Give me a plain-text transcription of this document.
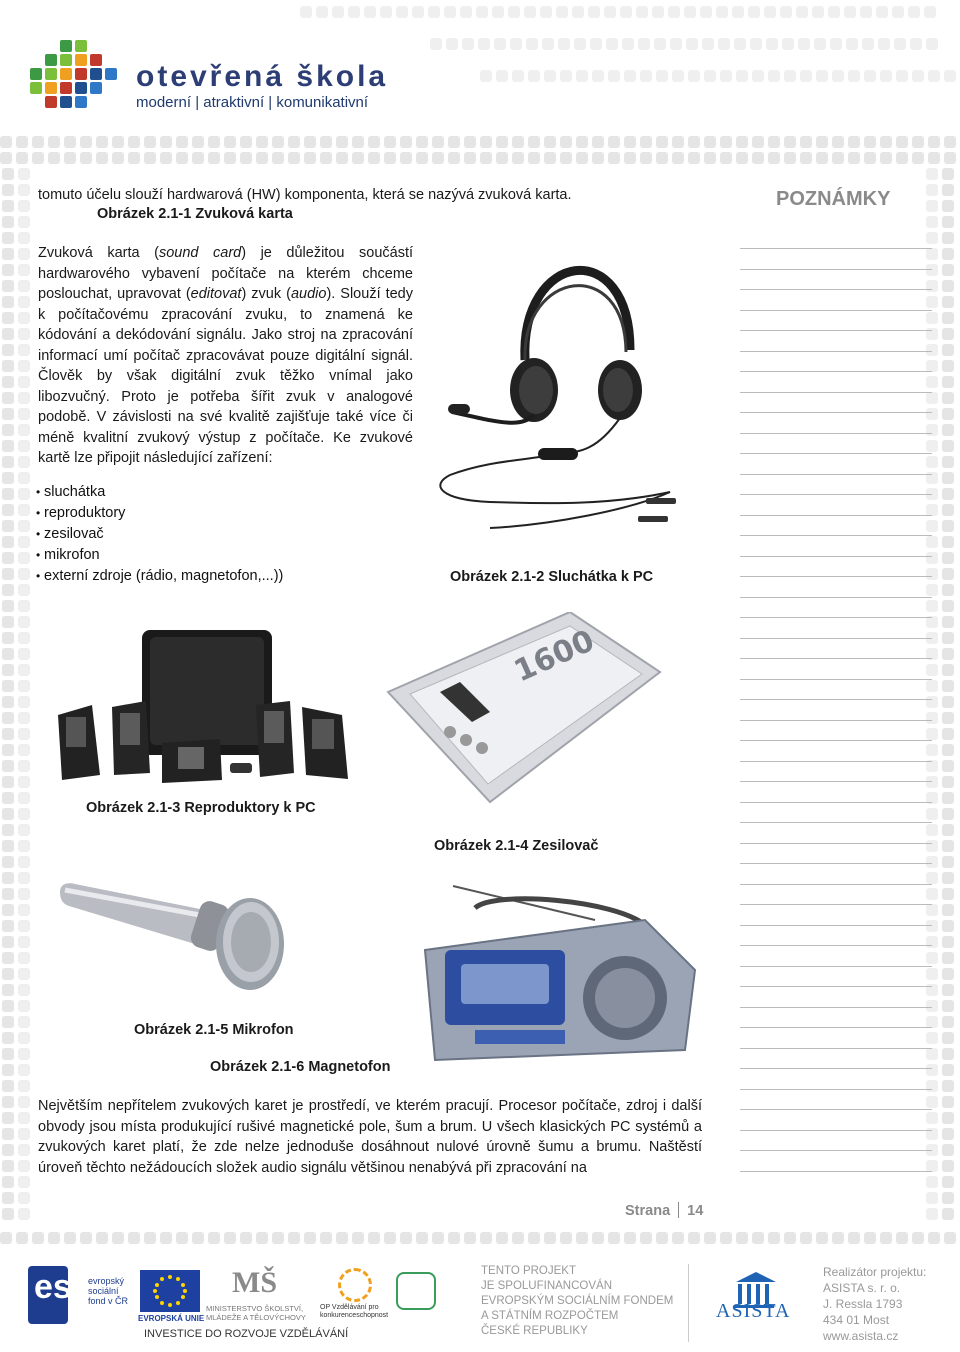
otevřená škola
moderní | atraktivní | komunikativní
POZNÁMKY
tomuto účelu slouží hardwarová (HW) komponenta, která se nazývá zvuková karta.
Obrázek 2.1-1 Zvuková karta
Zvuková karta (sound card) je důležitou součástí hardwarového vybavení počítače na kterém chceme poslouchat, upravovat (editovat) zvuk (audio). Slouží tedy k počítačovému zpracování zvuku, to znamená ke kódování a dekódování signálu. Jako stroj na zpracování informací umí počítač zpracovávat pouze digitální signál. Člověk by však digitální zvuk těžko vnímal jako libozvučný. Proto je potřeba šířit zvuk v analogové podobě. V závislosti na své kvalitě zajišťuje také více či méně kvalitní zvukový výstup z počítače. Ke zvukové kartě lze připojit následující zařízení:
• sluchátka
• reproduktory
• zesilovač
• mikrofon
• externí zdroje (rádio, magnetofon,...))	Obrázek 2.1-2 Sluchátka k PC
Obrázek 2.1-3 Reproduktory k PC
1600
Obrázek 2.1-4 Zesilovač
Obrázek 2.1-5 Mikrofon
Obrázek 2.1-6 Magnetofon
Největším nepřítelem zvukových karet je prostředí, ve kterém pracují. Procesor počítače, zdroj i další obvody jsou místa produkující rušivé magnetické pole, šum a brum. U všech klasických PC systémů a zvukových karet platí, že zde nelze jednoduše dosáhnout nulové úrovně šumu a brumu. Naštěstí úroveň těchto nežádoucích složek audio signálu většinou nenabývá při zpracování na
Strana 14
esf evropský sociální fond v ČR
EVROPSKÁ UNIE
MŠ
MINISTERSTVO ŠKOLSTVÍ, MLÁDEŽE A TĚLOVÝCHOVY
OP Vzdělávání pro konkurenceschopnost
INVESTICE DO ROZVOJE VZDĚLÁVÁNÍ
TENTO PROJEKT
JE SPOLUFINANCOVÁN
EVROPSKÝM SOCIÁLNÍM FONDEM
A STÁTNÍM ROZPOČTEM
ČESKÉ REPUBLIKY
ASISTA
Realizátor projektu:
ASISTA s. r. o.
J. Ressla 1793
434 01 Most
www.asista.cz
